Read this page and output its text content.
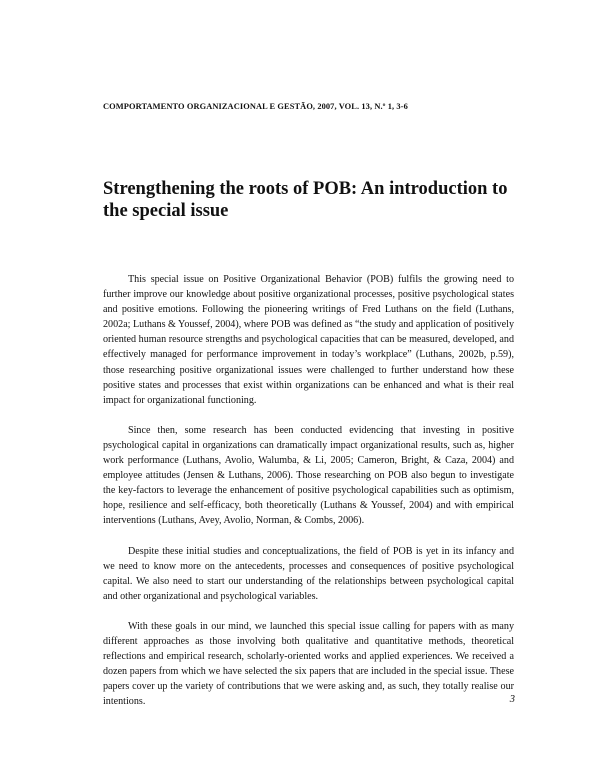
COMPORTAMENTO ORGANIZACIONAL E GESTÃO, 2007, VOL. 13, N.º 1, 3-6
Strengthening the roots of POB: An introduction to the special issue

This special issue on Positive Organizational Behavior (POB) fulfils the growing need to further improve our knowledge about positive organizational processes, positive psychological states and positive emotions. Following the pioneering writings of Fred Luthans on the field (Luthans, 2002a; Luthans & Youssef, 2004), where POB was defined as “the study and application of positively oriented human resource strengths and psychological capacities that can be measured, developed, and effectively managed for performance improvement in today’s workplace” (Luthans, 2002b, p.59), those researching positive organizational issues were challenged to further understand how these positive states and processes that exist within organizations can be enhanced and what is their real impact for organizational functioning.

Since then, some research has been conducted evidencing that investing in positive psychological capital in organizations can dramatically impact organizational results, such as, higher work performance (Luthans, Avolio, Walumba, & Li, 2005; Cameron, Bright, & Caza, 2004) and employee attitudes (Jensen & Luthans, 2006). Those researching on POB also begun to investigate the key-factors to leverage the enhancement of positive psychological capabilities such as optimism, hope, resilience and self-efficacy, both theoretically (Luthans & Youssef, 2004) and with empirical interventions (Luthans, Avey, Avolio, Norman, & Combs, 2006).

Despite these initial studies and conceptualizations, the field of POB is yet in its infancy and we need to know more on the antecedents, processes and consequences of positive psychological capital. We also need to start our understanding of the relationships between psychological capital and other organizational and psychological variables.

With these goals in our mind, we launched this special issue calling for papers with as many different approaches as those involving both qualitative and quantitative methods, theoretical reflections and empirical research, scholarly-oriented works and applied experiences. We received a dozen papers from which we have selected the six papers that are included in the special issue. These papers cover up the variety of contributions that we were asking and, as such, they totally realise our intentions.	3
